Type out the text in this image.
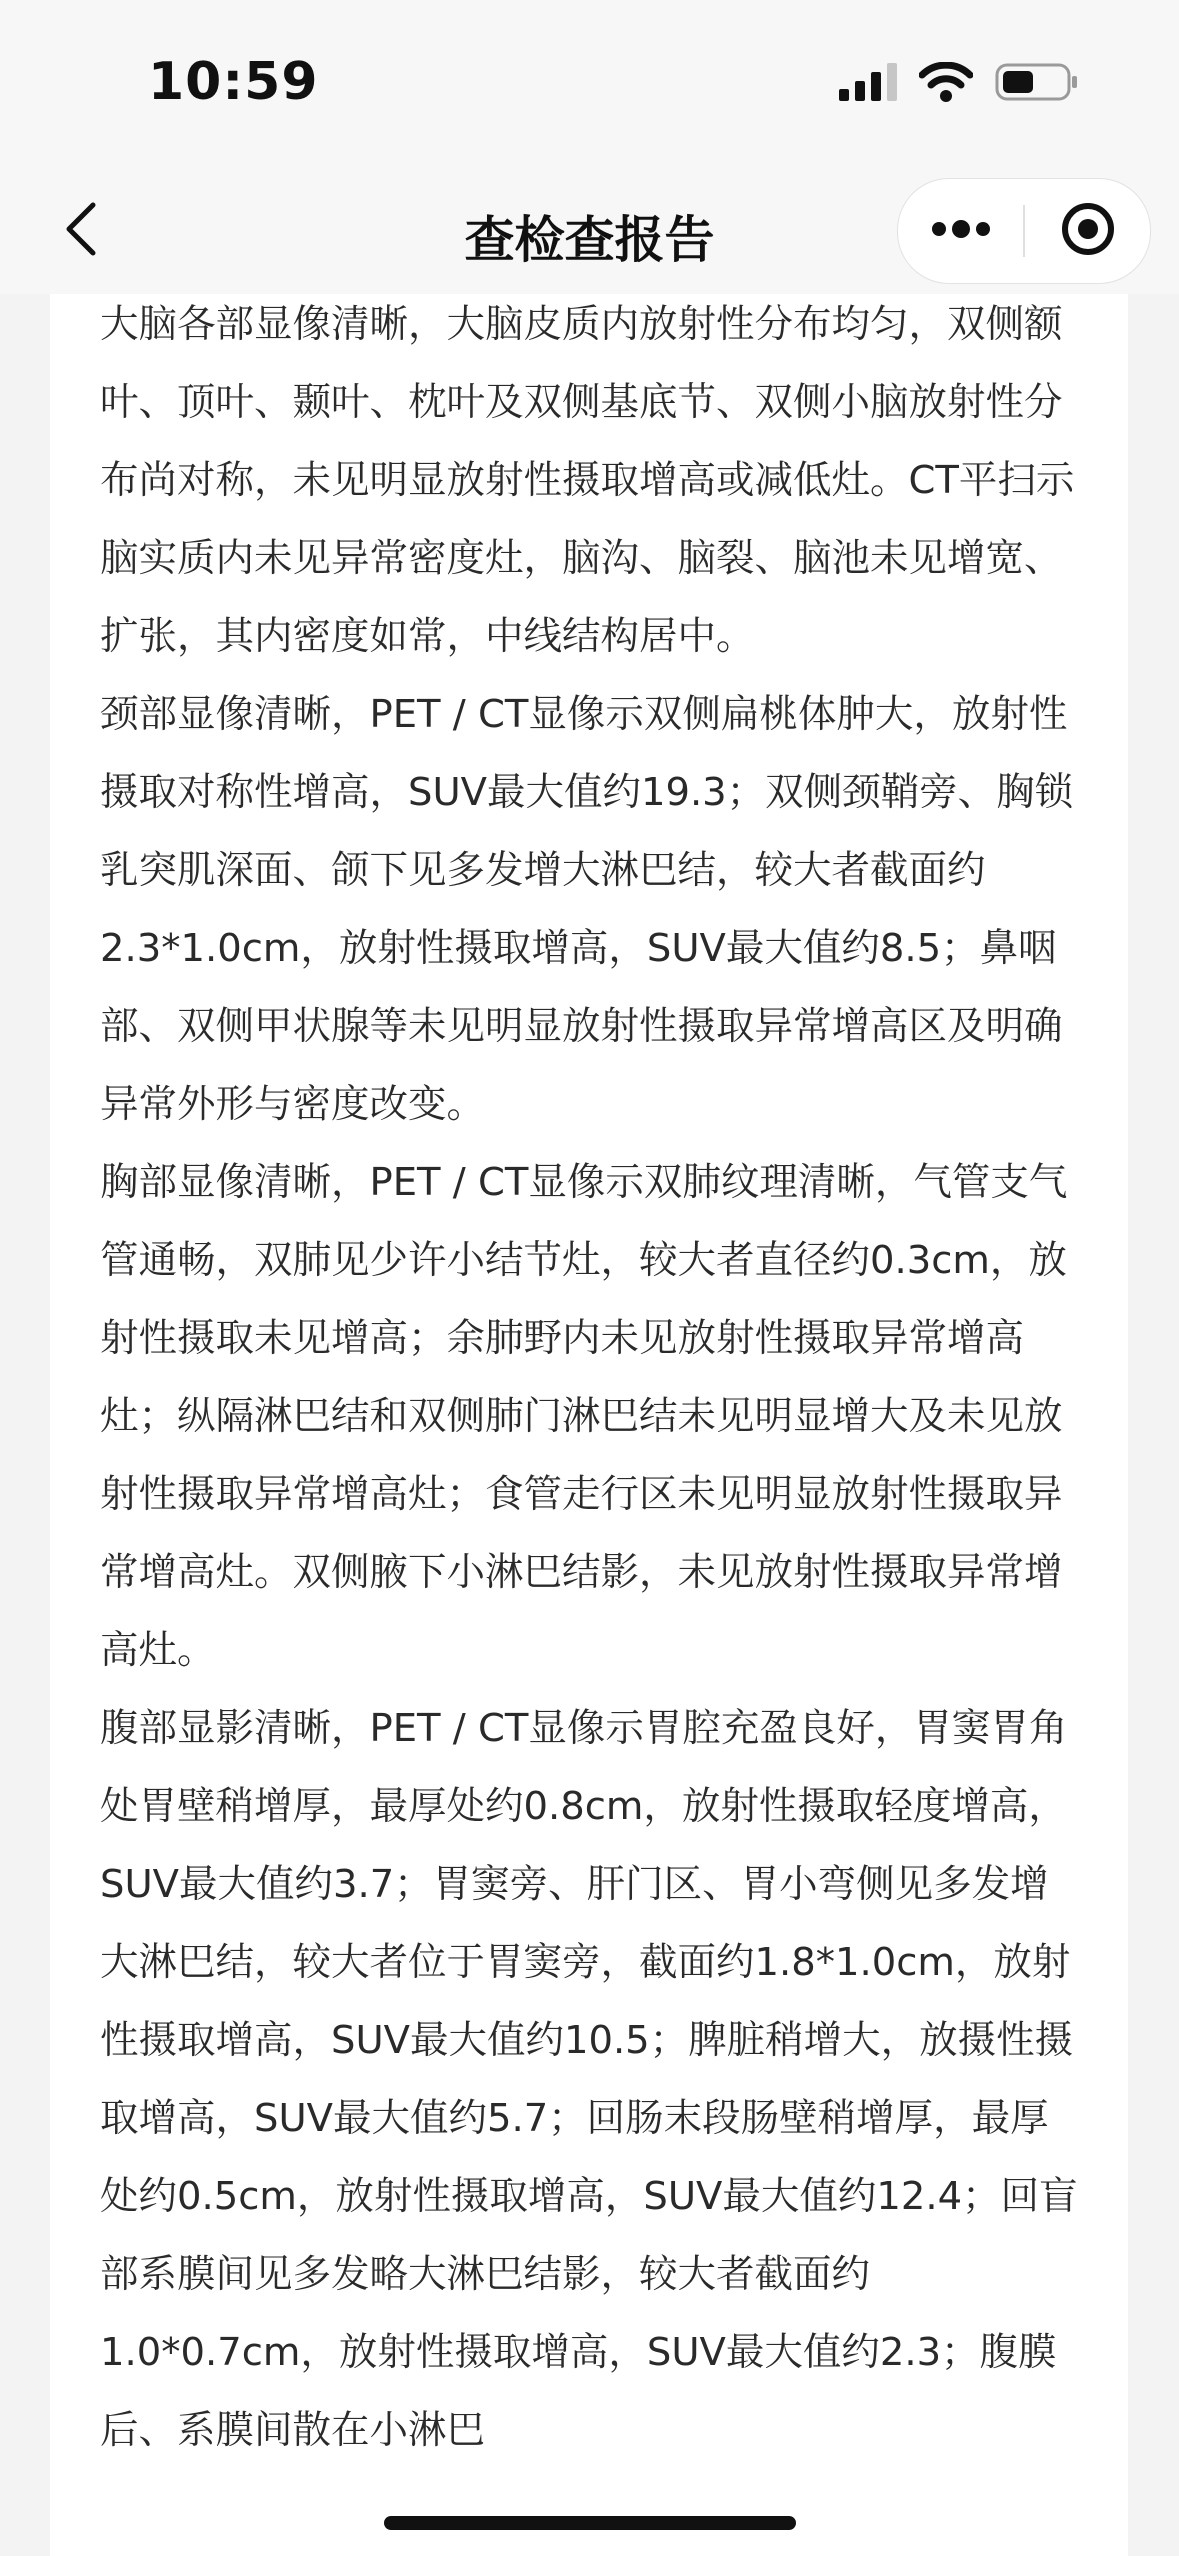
10:59
查检查报告

大脑各部显像清晰，大脑皮质内放射性分布均匀，双侧额叶、顶叶、颞叶、枕叶及双侧基底节、双侧小脑放射性分布尚对称，未见明显放射性摄取增高或减低灶。CT平扫示脑实质内未见异常密度灶，脑沟、脑裂、脑池未见增宽、扩张，其内密度如常，中线结构居中。

颈部显像清晰，PET / CT显像示双侧扁桃体肿大，放射性摄取对称性增高，SUV最大值约19.3；双侧颈鞘旁、胸锁乳突肌深面、颌下见多发增大淋巴结，较大者截面约2.3*1.0cm，放射性摄取增高，SUV最大值约8.5；鼻咽部、双侧甲状腺等未见明显放射性摄取异常增高区及明确异常外形与密度改变。

胸部显像清晰，PET / CT显像示双肺纹理清晰，气管支气管通畅，双肺见少许小结节灶，较大者直径约0.3cm，放射性摄取未见增高；余肺野内未见放射性摄取异常增高灶；纵隔淋巴结和双侧肺门淋巴结未见明显增大及未见放射性摄取异常增高灶；食管走行区未见明显放射性摄取异常增高灶。双侧腋下小淋巴结影，未见放射性摄取异常增高灶。

腹部显影清晰，PET / CT显像示胃腔充盈良好，胃窦胃角处胃壁稍增厚，最厚处约0.8cm，放射性摄取轻度增高，SUV最大值约3.7；胃窦旁、肝门区、胃小弯侧见多发增大淋巴结，较大者位于胃窦旁，截面约1.8*1.0cm，放射性摄取增高，SUV最大值约10.5；脾脏稍增大，放摄性摄取增高，SUV最大值约5.7；回肠末段肠壁稍增厚，最厚处约0.5cm，放射性摄取增高，SUV最大值约12.4；回盲部系膜间见多发略大淋巴结影，较大者截面约1.0*0.7cm，放射性摄取增高，SUV最大值约2.3；腹膜后、系膜间散在小淋巴
